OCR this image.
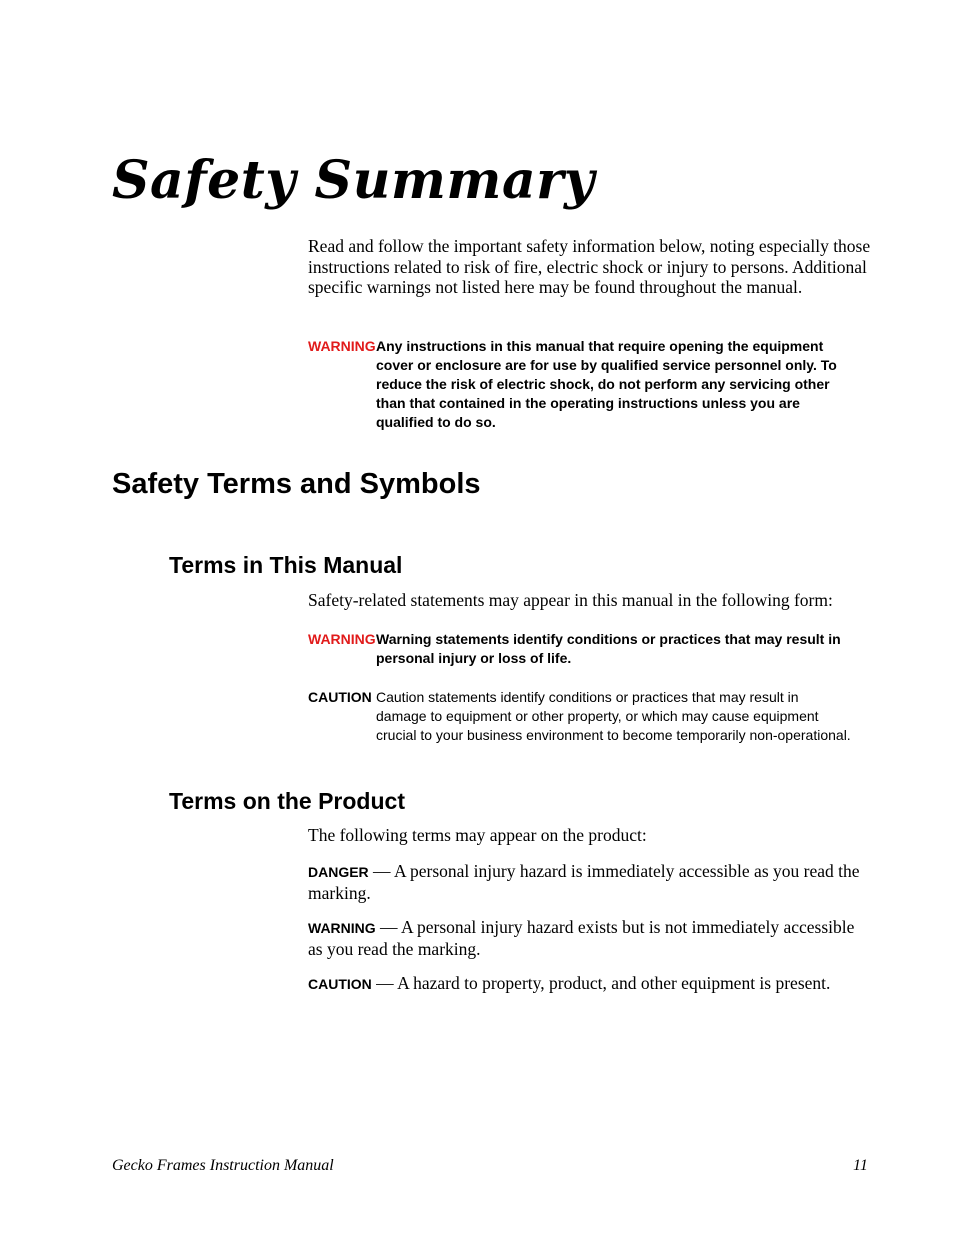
Safety Summary

Read and follow the important safety information below, noting especially those instructions related to risk of fire, electric shock or injury to persons. Additional specific warnings not listed here may be found throughout the manual.

WARNING Any instructions in this manual that require opening the equipment cover or enclosure are for use by qualified service personnel only. To reduce the risk of electric shock, do not perform any servicing other than that contained in the operating instructions unless you are qualified to do so.
Safety Terms and Symbols
Terms in This Manual

Safety-related statements may appear in this manual in the following form:

WARNING Warning statements identify conditions or practices that may result in personal injury or loss of life.
CAUTION Caution statements identify conditions or practices that may result in damage to equipment or other property, or which may cause equipment crucial to your business environment to become temporarily non-operational.
Terms on the Product

The following terms may appear on the product:

DANGER — A personal injury hazard is immediately accessible as you read the marking.

WARNING — A personal injury hazard exists but is not immediately accessible as you read the marking.

CAUTION — A hazard to property, product, and other equipment is present.

Gecko Frames Instruction Manual	11
